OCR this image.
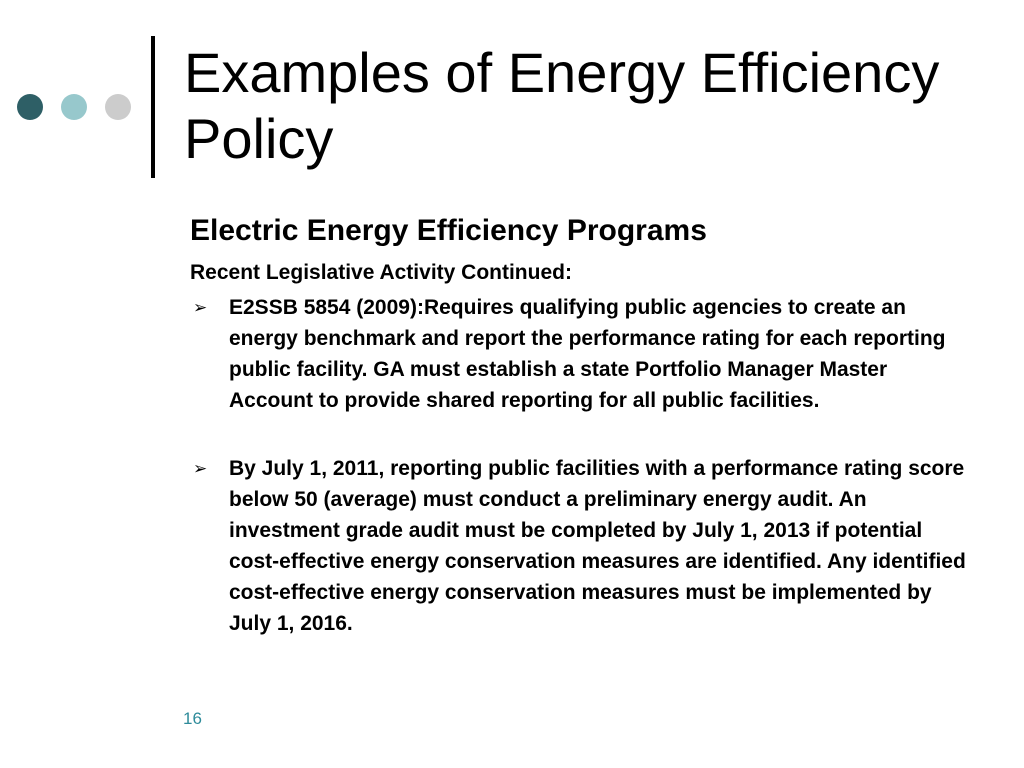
Examples of Energy Efficiency Policy
Electric Energy Efficiency Programs

Recent Legislative Activity Continued:

➢ E2SSB 5854 (2009):Requires qualifying public agencies to create an energy benchmark and report the performance rating for each reporting public facility. GA must establish a state Portfolio Manager Master Account to provide shared reporting for all public facilities.
➢ By July 1, 2011, reporting public facilities with a performance rating score below 50 (average) must conduct a preliminary energy audit. An investment grade audit must be completed by July 1, 2013 if potential cost-effective energy conservation measures are identified. Any identified cost-effective energy conservation measures must be implemented by July 1, 2016.
16
